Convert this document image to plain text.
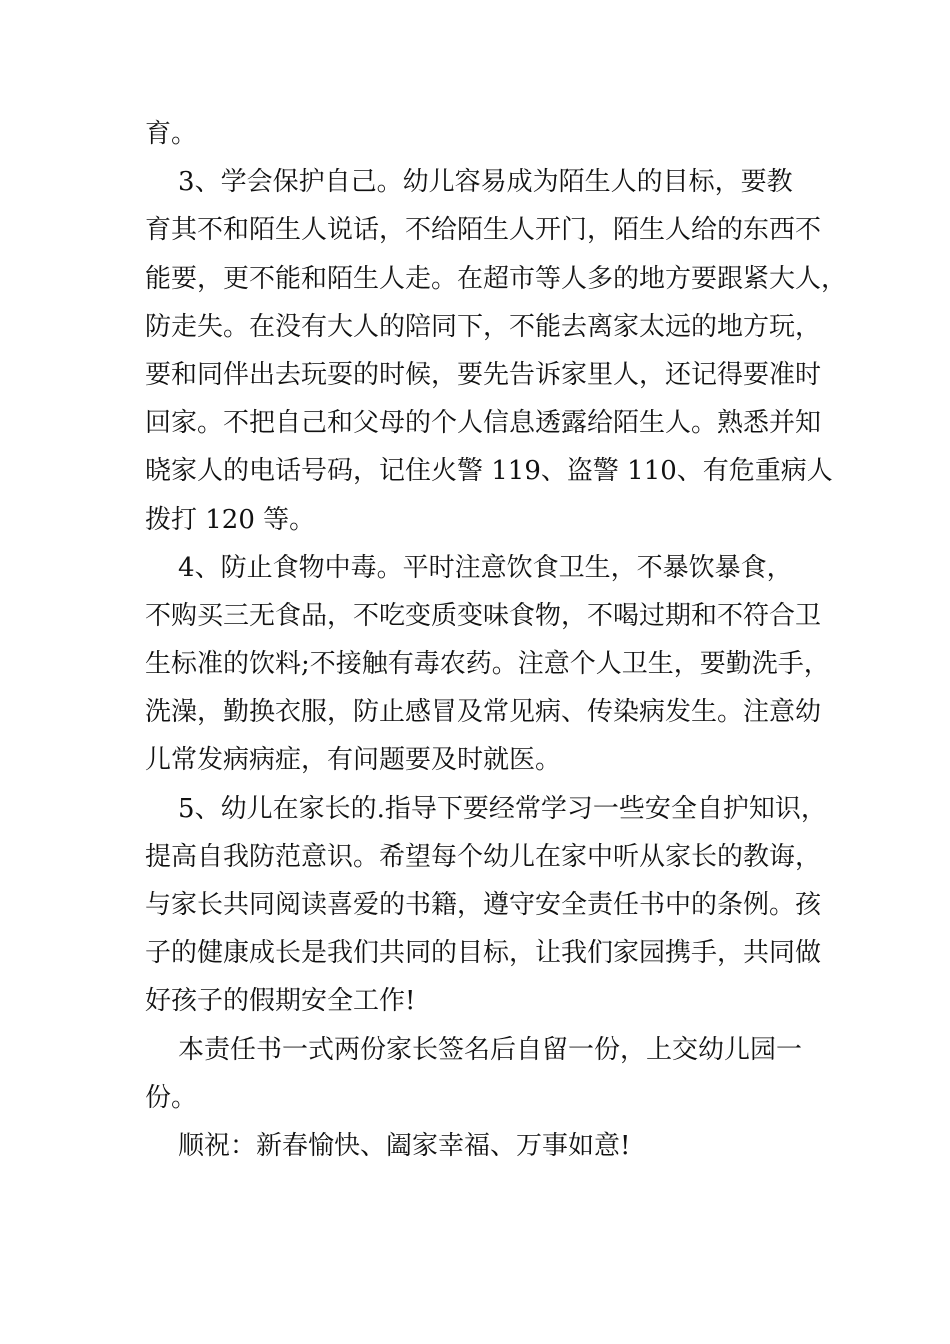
育。
3、学会保护自己。幼儿容易成为陌生人的目标，要教
育其不和陌生人说话，不给陌生人开门，陌生人给的东西不
能要，更不能和陌生人走。在超市等人多的地方要跟紧大人，
防走失。在没有大人的陪同下，不能去离家太远的地方玩，
要和同伴出去玩耍的时候，要先告诉家里人，还记得要准时
回家。不把自己和父母的个人信息透露给陌生人。熟悉并知
晓家人的电话号码，记住火警 119、盗警 110、有危重病人
拨打 120 等。
4、防止食物中毒。平时注意饮食卫生，不暴饮暴食，
不购买三无食品，不吃变质变味食物，不喝过期和不符合卫
生标准的饮料;不接触有毒农药。注意个人卫生，要勤洗手，
洗澡，勤换衣服，防止感冒及常见病、传染病发生。注意幼
儿常发病病症，有问题要及时就医。
5、幼儿在家长的.指导下要经常学习一些安全自护知识，
提高自我防范意识。希望每个幼儿在家中听从家长的教诲，
与家长共同阅读喜爱的书籍，遵守安全责任书中的条例。孩
子的健康成长是我们共同的目标，让我们家园携手，共同做
好孩子的假期安全工作!
本责任书一式两份家长签名后自留一份，上交幼儿园一
份。
顺祝：新春愉快、阖家幸福、万事如意!
